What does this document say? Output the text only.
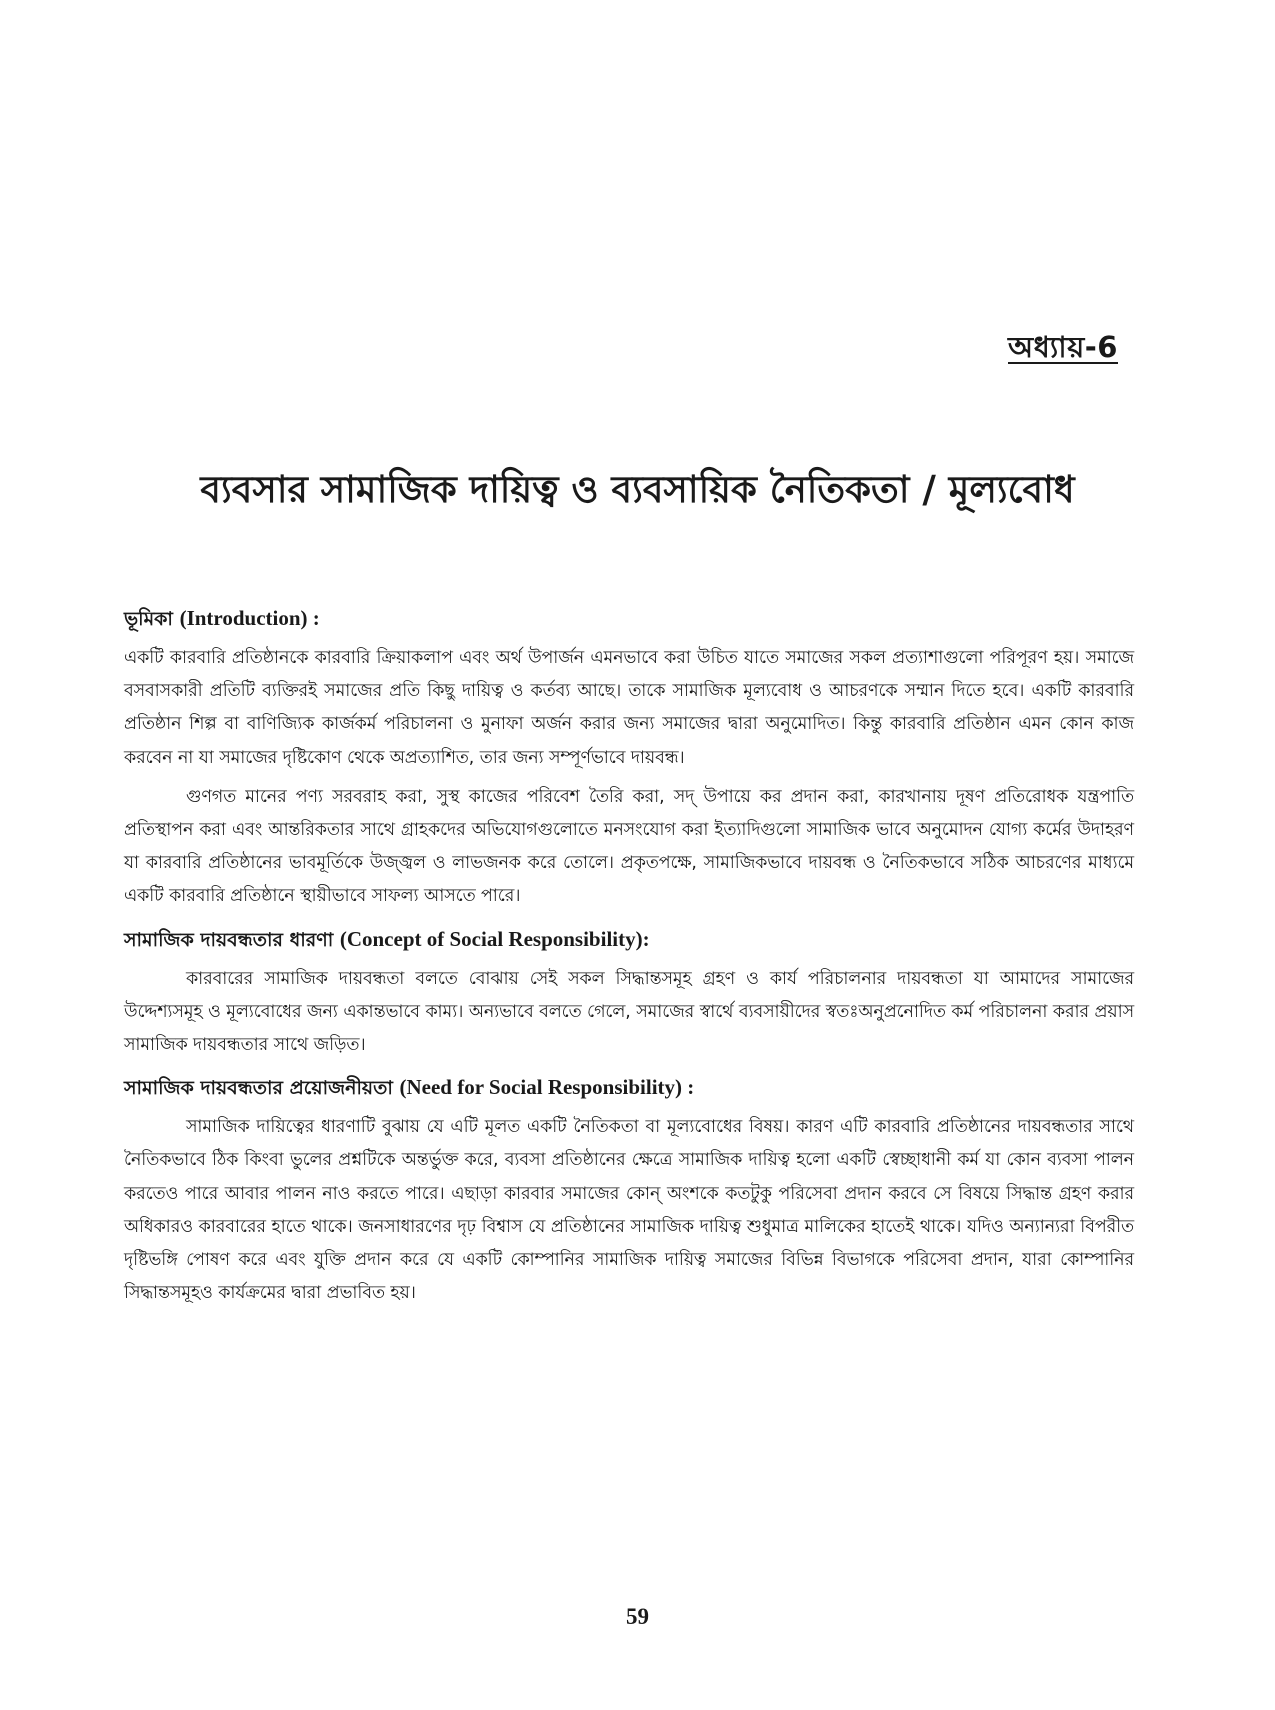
অধ্যায়-6
ব্যবসার সামাজিক দায়িত্ব ও ব্যবসায়িক নৈতিকতা / মূল্যবোধ
ভূমিকা (Introduction) :

একটি কারবারি প্রতিষ্ঠানকে কারবারি ক্রিয়াকলাপ এবং অর্থ উপার্জন এমনভাবে করা উচিত যাতে সমাজের সকল প্রত্যাশাগুলো পরিপূরণ হয়। সমাজে বসবাসকারী প্রতিটি ব্যক্তিরই সমাজের প্রতি কিছু দায়িত্ব ও কর্তব্য আছে। তাকে সামাজিক মূল্যবোধ ও আচরণকে সম্মান দিতে হবে। একটি কারবারি প্রতিষ্ঠান শিল্প বা বাণিজ্যিক কার্জকর্ম পরিচালনা ও মুনাফা অর্জন করার জন্য সমাজের দ্বারা অনুমোদিত। কিন্তু কারবারি প্রতিষ্ঠান এমন কোন কাজ করবেন না যা সমাজের দৃষ্টিকোণ থেকে অপ্রত্যাশিত, তার জন্য সম্পূর্ণভাবে দায়বন্ধ।

গুণগত মানের পণ্য সরবরাহ করা, সুস্থ কাজের পরিবেশ তৈরি করা, সদ্ উপায়ে কর প্রদান করা, কারখানায় দূষণ প্রতিরোধক যন্ত্রপাতি প্রতিস্থাপন করা এবং আন্তরিকতার সাথে গ্রাহকদের অভিযোগগুলোতে মনসংযোগ করা ইত্যাদিগুলো সামাজিক ভাবে অনুমোদন যোগ্য কর্মের উদাহরণ যা কারবারি প্রতিষ্ঠানের ভাবমূর্তিকে উজ্জ্বল ও লাভজনক করে তোলে। প্রকৃতপক্ষে, সামাজিকভাবে দায়বন্ধ ও নৈতিকভাবে সঠিক আচরণের মাধ্যমে একটি কারবারি প্রতিষ্ঠানে স্থায়ীভাবে সাফল্য আসতে পারে।

সামাজিক দায়বন্ধতার ধারণা (Concept of Social Responsibility):

কারবারের সামাজিক দায়বন্ধতা বলতে বোঝায় সেই সকল সিদ্ধান্তসমূহ গ্রহণ ও কার্য পরিচালনার দায়বন্ধতা যা আমাদের সামাজের উদ্দেশ্যসমূহ ও মূল্যবোধের জন্য একান্তভাবে কাম্য। অন্যভাবে বলতে গেলে, সমাজের স্বার্থে ব্যবসায়ীদের স্বতঃঅনুপ্রনোদিত কর্ম পরিচালনা করার প্রয়াস সামাজিক দায়বন্ধতার সাথে জড়িত।

সামাজিক দায়বন্ধতার প্রয়োজনীয়তা (Need for Social Responsibility) :

সামাজিক দায়িত্বের ধারণাটি বুঝায় যে এটি মূলত একটি নৈতিকতা বা মূল্যবোধের বিষয়। কারণ এটি কারবারি প্রতিষ্ঠানের দায়বন্ধতার সাথে নৈতিকভাবে ঠিক কিংবা ভুলের প্রশ্নটিকে অন্তর্ভুক্ত করে, ব্যবসা প্রতিষ্ঠানের ক্ষেত্রে সামাজিক দায়িত্ব হলো একটি স্বেচ্ছাধানী কর্ম যা কোন ব্যবসা পালন করতেও পারে আবার পালন নাও করতে পারে। এছাড়া কারবার সমাজের কোন্ অংশকে কতটুকু পরিসেবা প্রদান করবে সে বিষয়ে সিদ্ধান্ত গ্রহণ করার অধিকারও কারবারের হাতে থাকে। জনসাধারণের দৃঢ় বিশ্বাস যে প্রতিষ্ঠানের সামাজিক দায়িত্ব শুধুমাত্র মালিকের হাতেই থাকে। যদিও অন্যান্যরা বিপরীত দৃষ্টিভঙ্গি পোষণ করে এবং যুক্তি প্রদান করে যে একটি কোম্পানির সামাজিক দায়িত্ব সমাজের বিভিন্ন বিভাগকে পরিসেবা প্রদান, যারা কোম্পানির সিদ্ধান্তসমূহও কার্যক্রমের দ্বারা প্রভাবিত হয়।

59
